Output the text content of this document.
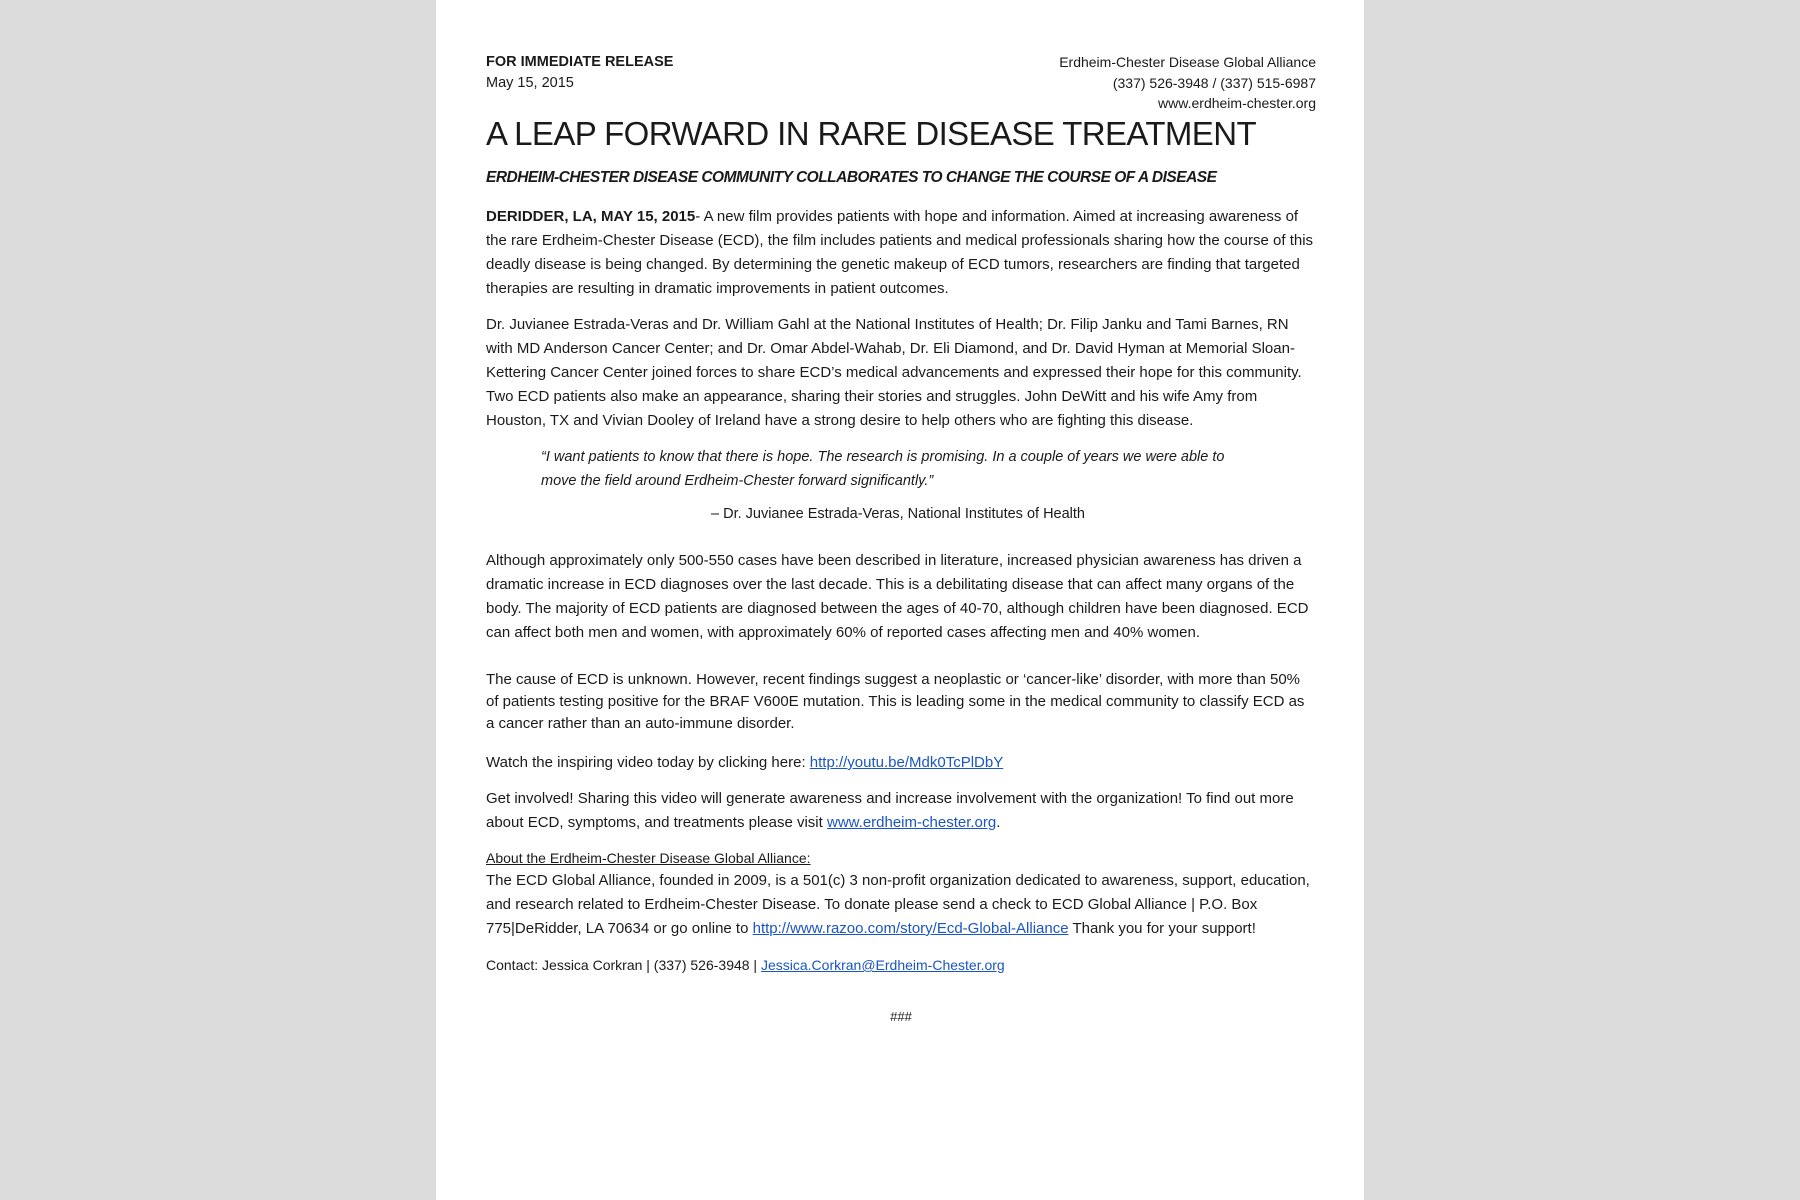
FOR IMMEDIATE RELEASE
May 15, 2015
Erdheim-Chester Disease Global Alliance
(337) 526-3948 / (337) 515-6987
www.erdheim-chester.org
A LEAP FORWARD IN RARE DISEASE TREATMENT
ERDHEIM-CHESTER DISEASE COMMUNITY COLLABORATES TO CHANGE THE COURSE OF A DISEASE

DERIDDER, LA, MAY 15, 2015- A new film provides patients with hope and information. Aimed at increasing awareness of the rare Erdheim-Chester Disease (ECD), the film includes patients and medical professionals sharing how the course of this deadly disease is being changed. By determining the genetic makeup of ECD tumors, researchers are finding that targeted therapies are resulting in dramatic improvements in patient outcomes.

Dr. Juvianee Estrada-Veras and Dr. William Gahl at the National Institutes of Health; Dr. Filip Janku and Tami Barnes, RN with MD Anderson Cancer Center; and Dr. Omar Abdel-Wahab, Dr. Eli Diamond, and Dr. David Hyman at Memorial Sloan-Kettering Cancer Center joined forces to share ECD’s medical advancements and expressed their hope for this community. Two ECD patients also make an appearance, sharing their stories and struggles. John DeWitt and his wife Amy from Houston, TX and Vivian Dooley of Ireland have a strong desire to help others who are fighting this disease.

“I want patients to know that there is hope. The research is promising. In a couple of years we were able to move the field around Erdheim-Chester forward significantly.”
– Dr. Juvianee Estrada-Veras, National Institutes of Health

Although approximately only 500-550 cases have been described in literature, increased physician awareness has driven a dramatic increase in ECD diagnoses over the last decade. This is a debilitating disease that can affect many organs of the body. The majority of ECD patients are diagnosed between the ages of 40-70, although children have been diagnosed. ECD can affect both men and women, with approximately 60% of reported cases affecting men and 40% women.

The cause of ECD is unknown. However, recent findings suggest a neoplastic or ‘cancer-like’ disorder, with more than 50% of patients testing positive for the BRAF V600E mutation. This is leading some in the medical community to classify ECD as a cancer rather than an auto-immune disorder.

Watch the inspiring video today by clicking here: http://youtu.be/Mdk0TcPlDbY

Get involved! Sharing this video will generate awareness and increase involvement with the organization! To find out more about ECD, symptoms, and treatments please visit www.erdheim-chester.org.

About the Erdheim-Chester Disease Global Alliance:

The ECD Global Alliance, founded in 2009, is a 501(c) 3 non-profit organization dedicated to awareness, support, education, and research related to Erdheim-Chester Disease. To donate please send a check to ECD Global Alliance | P.O. Box 775|DeRidder, LA 70634 or go online to http://www.razoo.com/story/Ecd-Global-Alliance Thank you for your support!

Contact: Jessica Corkran | (337) 526-3948 | Jessica.Corkran@Erdheim-Chester.org

###
